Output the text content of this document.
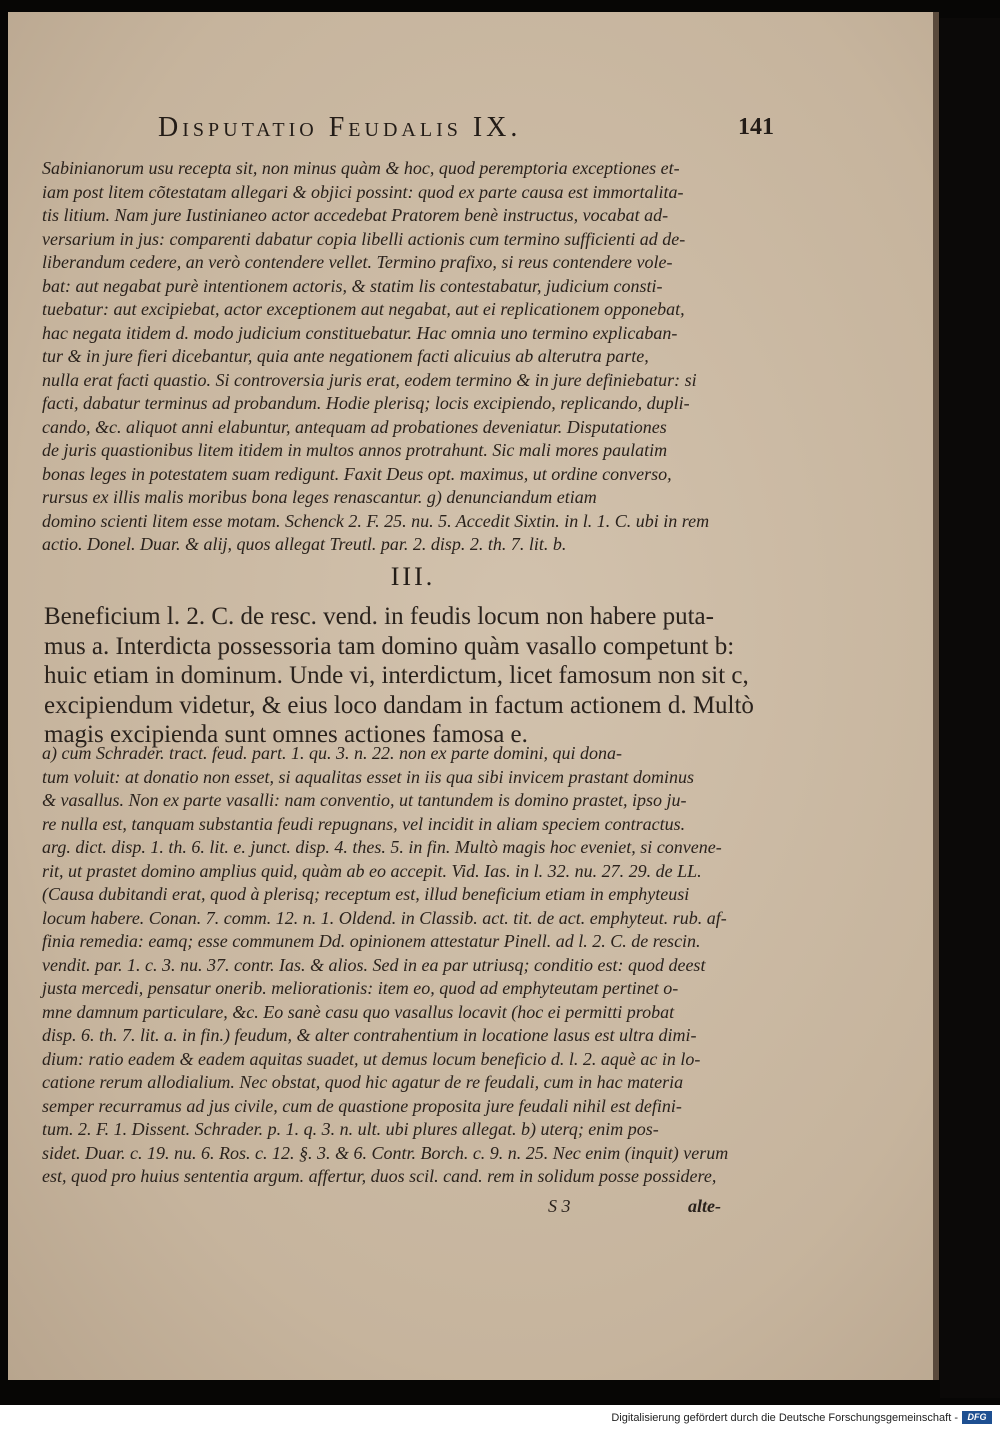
Disputatio Feudalis IX.	141
Sabinianorum usu recepta sit, non minus quàm & hoc, quod peremptoria exceptiones et-
iam post litem cõtestatam allegari & objici possint: quod ex parte causa est immortalita-
tis litium. Nam jure Iustinianeo actor accedebat Pratorem benè instructus, vocabat ad-
versarium in jus: comparenti dabatur copia libelli actionis cum termino sufficienti ad de-
liberandum cedere, an verò contendere vellet. Termino prafixo, si reus contendere vole-
bat: aut negabat purè intentionem actoris, & statim lis contestabatur, judicium consti-
tuebatur: aut excipiebat, actor exceptionem aut negabat, aut ei replicationem opponebat,
hac negata itidem d. modo judicium constituebatur. Hac omnia uno termino explicaban-
tur & in jure fieri dicebantur, quia ante negationem facti alicuius ab alterutra parte,
nulla erat facti quastio. Si controversia juris erat, eodem termino & in jure definiebatur: si
facti, dabatur terminus ad probandum. Hodie plerisq; locis excipiendo, replicando, dupli-
cando, &c. aliquot anni elabuntur, antequam ad probationes deveniatur. Disputationes
de juris quastionibus litem itidem in multos annos protrahunt. Sic mali mores paulatim
bonas leges in potestatem suam redigunt. Faxit Deus opt. maximus, ut ordine converso,
rursus ex illis malis moribus bona leges renascantur. g) denunciandum etiam
domino scienti litem esse motam. Schenck 2. F. 25. nu. 5. Accedit Sixtin. in l. 1. C. ubi in rem
actio. Donel. Duar. & alij, quos allegat Treutl. par. 2. disp. 2. th. 7. lit. b.
III.
Beneficium l. 2. C. de resc. vend. in feudis locum non habere puta-
mus a. Interdicta possessoria tam domino quàm vasallo competunt b:
huic etiam in dominum. Unde vi, interdictum, licet famosum non sit c,
excipiendum videtur, & eius loco dandam in factum actionem d. Multò
magis excipienda sunt omnes actiones famosa e.
a) cum Schrader. tract. feud. part. 1. qu. 3. n. 22. non ex parte domini, qui dona-
tum voluit: at donatio non esset, si aqualitas esset in iis qua sibi invicem prastant dominus
& vasallus. Non ex parte vasalli: nam conventio, ut tantundem is domino prastet, ipso ju-
re nulla est, tanquam substantia feudi repugnans, vel incidit in aliam speciem contractus.
arg. dict. disp. 1. th. 6. lit. e. junct. disp. 4. thes. 5. in fin. Multò magis hoc eveniet, si convene-
rit, ut prastet domino amplius quid, quàm ab eo accepit. Vid. Ias. in l. 32. nu. 27. 29. de LL.
(Causa dubitandi erat, quod à plerisq; receptum est, illud beneficium etiam in emphyteusi
locum habere. Conan. 7. comm. 12. n. 1. Oldend. in Classib. act. tit. de act. emphyteut. rub. af-
finia remedia: eamq; esse communem Dd. opinionem attestatur Pinell. ad l. 2. C. de rescin.
vendit. par. 1. c. 3. nu. 37. contr. Ias. & alios. Sed in ea par utriusq; conditio est: quod deest
justa mercedi, pensatur onerib. meliorationis: item eo, quod ad emphyteutam pertinet o-
mne damnum particulare, &c. Eo sanè casu quo vasallus locavit (hoc ei permitti probat
disp. 6. th. 7. lit. a. in fin.) feudum, & alter contrahentium in locatione lasus est ultra dimi-
dium: ratio eadem & eadem aquitas suadet, ut demus locum beneficio d. l. 2. aquè ac in lo-
catione rerum allodialium. Nec obstat, quod hic agatur de re feudali, cum in hac materia
semper recurramus ad jus civile, cum de quastione proposita jure feudali nihil est defini-
tum. 2. F. 1. Dissent. Schrader. p. 1. q. 3. n. ult. ubi plures allegat. b) uterq; enim pos-
sidet. Duar. c. 19. nu. 6. Ros. c. 12. §. 3. & 6. Contr. Borch. c. 9. n. 25. Nec enim (inquit) verum
est, quod pro huius sententia argum. affertur, duos scil. cand. rem in solidum posse possidere,
S 3	alte-
Digitalisierung gefördert durch die Deutsche Forschungsgemeinschaft -	DFG
